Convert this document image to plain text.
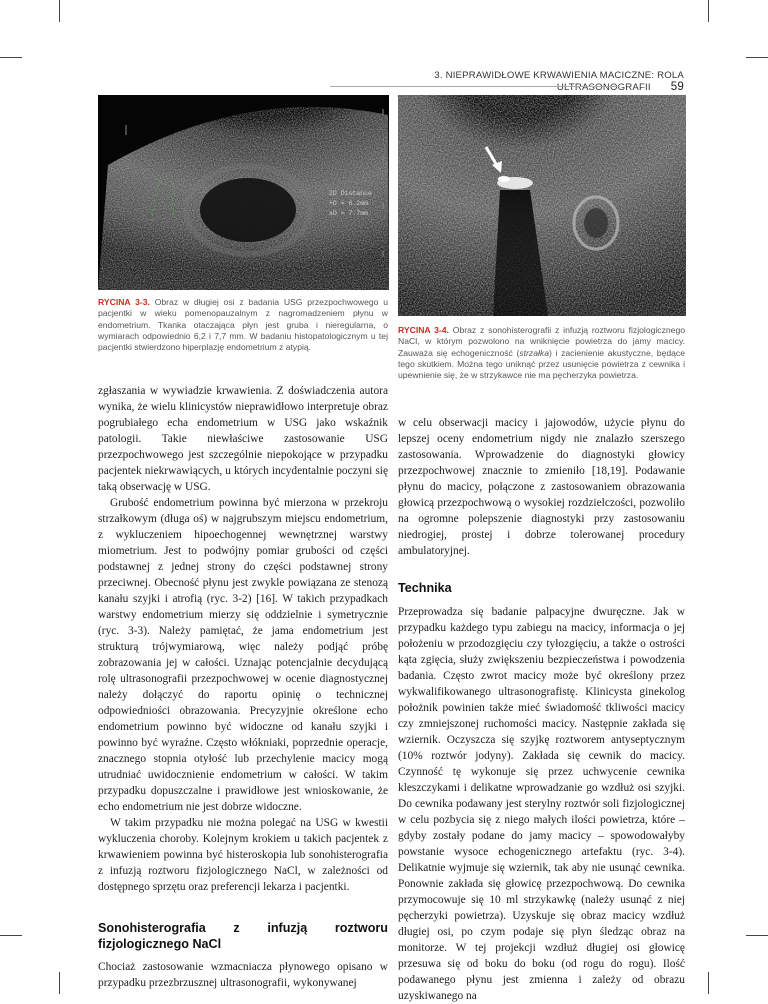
3. NIEPRAWIDŁOWE KRWAWIENIA MACICZNE: ROLA ULTRASONOGRAFII 59
2D Distance
+D = 6.2mm
xD = 7.7mm
RYCINA 3-3. Obraz w długiej osi z badania USG przezpochwowego u pacjentki w wieku pomenopauzalnym z nagromadzeniem płynu w endometrium. Tkanka otaczająca płyn jest gruba i nieregularna, o wymiarach odpowiednio 6,2 i 7,7 mm. W badaniu histopatologicznym u tej pacjentki stwierdzono hiperplazję endometrium z atypią.
RYCINA 3-4. Obraz z sonohisterografii z infuzją roztworu fizjologicznego NaCl, w którym pozwolono na wniknięcie powietrza do jamy macicy. Zauważa się echogeniczność (strzałka) i zacienienie akustyczne, będące tego skutkiem. Można tego uniknąć przez usunięcie powietrza z cewnika i upewnienie się, że w strzykawce nie ma pęcherzyka powietrza.

zgłaszania w wywiadzie krwawienia. Z doświadczenia autora wynika, że wielu klinicystów nieprawidłowo interpretuje obraz pogrubiałego echa endometrium w USG jako wskaźnik patologii. Takie niewłaściwe zastosowanie USG przezpochwowego jest szczególnie niepokojące w przypadku pacjentek niekrwawiących, u których incydentalnie poczyni się taką obserwację w USG.

Grubość endometrium powinna być mierzona w przekroju strzałkowym (długa oś) w najgrubszym miejscu endometrium, z wykluczeniem hipoechogennej wewnętrznej warstwy miometrium. Jest to podwójny pomiar grubości od części podstawnej z jednej strony do części podstawnej strony przeciwnej. Obecność płynu jest zwykle powiązana ze stenozą kanału szyjki i atrofią (ryc. 3-2) [16]. W takich przypadkach warstwy endometrium mierzy się oddzielnie i symetrycznie (ryc. 3-3). Należy pamiętać, że jama endometrium jest strukturą trójwymiarową, więc należy podjąć próbę zobrazowania jej w całości. Uznając potencjalnie decydującą rolę ultrasonografii przezpochwowej w ocenie diagnostycznej należy dołączyć do raportu opinię o technicznej odpowiedniości obrazowania. Precyzyjnie określone echo endometrium powinno być widoczne od kanału szyjki i powinno być wyraźne. Często włókniaki, poprzednie operacje, znacznego stopnia otyłość lub przechylenie macicy mogą utrudniać uwidocznienie endometrium w całości. W takim przypadku dopuszczalne i prawidłowe jest wnioskowanie, że echo endometrium nie jest dobrze widoczne.

W takim przypadku nie można polegać na USG w kwestii wykluczenia choroby. Kolejnym krokiem u takich pacjentek z krwawieniem powinna być histeroskopia lub sonohisterografia z infuzją roztworu fizjologicznego NaCl, w zależności od dostępnego sprzętu oraz preferencji lekarza i pacjentki.

Sonohisterografia z infuzją roztworu fizjologicznego NaCl

Chociaż zastosowanie wzmacniacza płynowego opisano w przypadku przezbrzusznej ultrasonografii, wykonywanej

w celu obserwacji macicy i jajowodów, użycie płynu do lepszej oceny endometrium nigdy nie znalazło szerszego zastosowania. Wprowadzenie do diagnostyki głowicy przezpochwowej znacznie to zmieniło [18,19]. Podawanie płynu do macicy, połączone z zastosowaniem obrazowania głowicą przezpochwową o wysokiej rozdzielczości, pozwoliło na ogromne polepszenie diagnostyki przy zastosowaniu niedrogiej, prostej i dobrze tolerowanej procedury ambulatoryjnej.

Technika

Przeprowadza się badanie palpacyjne dwuręczne. Jak w przypadku każdego typu zabiegu na macicy, informacja o jej położeniu w przodozgięciu czy tyłozgięciu, a także o ostrości kąta zgięcia, służy zwiększeniu bezpieczeństwa i powodzenia badania. Często zwrot macicy może być określony przez wykwalifikowanego ultrasonografistę. Klinicysta ginekolog położnik powinien także mieć świadomość tkliwości macicy czy zmniejszonej ruchomości macicy. Następnie zakłada się wziernik. Oczyszcza się szyjkę roztworem antyseptycznym (10% roztwór jodyny). Zakłada się cewnik do macicy. Czynność tę wykonuje się przez uchwycenie cewnika kleszczykami i delikatne wprowadzanie go wzdłuż osi szyjki. Do cewnika podawany jest sterylny roztwór soli fizjologicznej w celu pozbycia się z niego małych ilości powietrza, które – gdyby zostały podane do jamy macicy – spowodowałyby powstanie wysoce echogenicznego artefaktu (ryc. 3-4). Delikatnie wyjmuje się wziernik, tak aby nie usunąć cewnika. Ponownie zakłada się głowicę przezpochwową. Do cewnika przymocowuje się 10 ml strzykawkę (należy usunąć z niej pęcherzyki powietrza). Uzyskuje się obraz macicy wzdłuż długiej osi, po czym podaje się płyn śledząc obraz na monitorze. W tej projekcji wzdłuż długiej osi głowicę przesuwa się od boku do boku (od rogu do rogu). Ilość podawanego płynu jest zmienna i zależy od obrazu uzyskiwanego na
